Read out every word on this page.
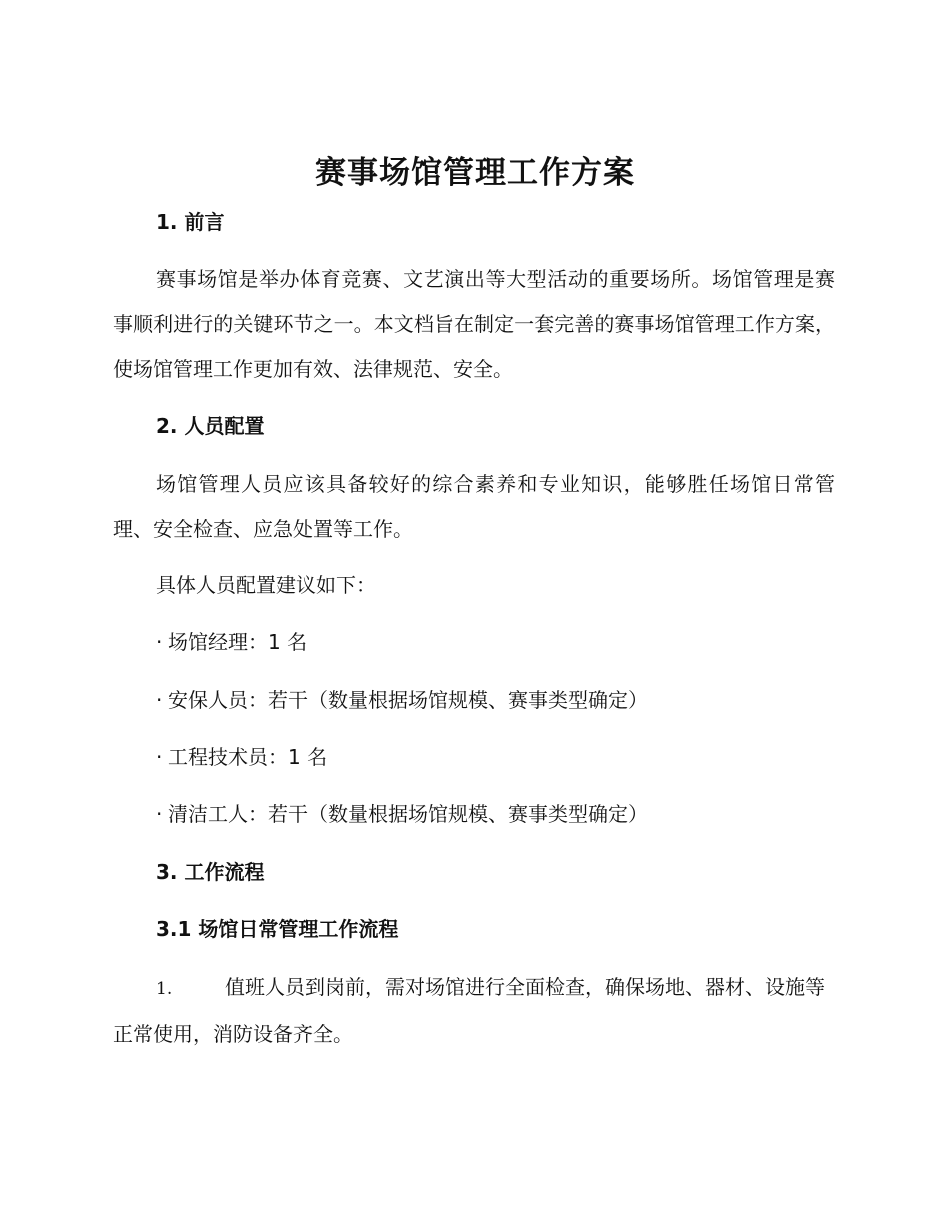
赛事场馆管理工作方案
1. 前言
赛事场馆是举办体育竞赛、文艺演出等大型活动的重要场所。场馆管理是赛事顺利进行的关键环节之一。本文档旨在制定一套完善的赛事场馆管理工作方案，使场馆管理工作更加有效、法律规范、安全。
2. 人员配置
场馆管理人员应该具备较好的综合素养和专业知识，能够胜任场馆日常管理、安全检查、应急处置等工作。
具体人员配置建议如下：
· 场馆经理：1 名
· 安保人员：若干（数量根据场馆规模、赛事类型确定）
· 工程技术员：1 名
· 清洁工人：若干（数量根据场馆规模、赛事类型确定）
3. 工作流程
3.1 场馆日常管理工作流程
1.	值班人员到岗前，需对场馆进行全面检查，确保场地、器材、设施等正常使用，消防设备齐全。
